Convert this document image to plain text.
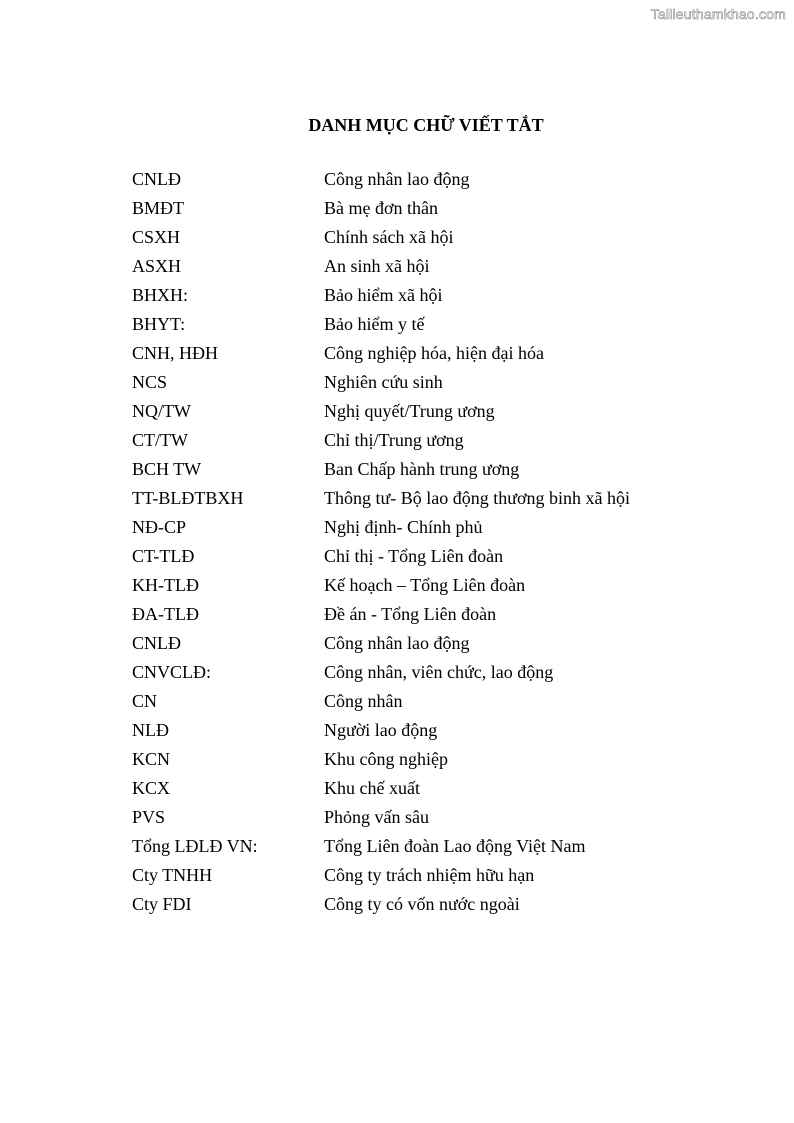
Tailieuthamkhao.com
DANH MỤC CHỮ VIẾT TẮT
CNLĐ	Công nhân lao động
BMĐT	Bà mẹ đơn thân
CSXH	Chính sách xã hội
ASXH	An sinh xã hội
BHXH:	Bảo hiểm xã hội
BHYT:	Bảo hiểm y tế
CNH, HĐH	Công nghiệp hóa, hiện đại hóa
NCS	Nghiên cứu sinh
NQ/TW	Nghị quyết/Trung ương
CT/TW	Chỉ thị/Trung ương
BCH TW	Ban Chấp hành trung ương
TT-BLĐTBXH	Thông tư- Bộ lao động thương binh xã hội
NĐ-CP	Nghị định- Chính phủ
CT-TLĐ	Chỉ thị - Tổng Liên đoàn
KH-TLĐ	Kế hoạch – Tổng Liên đoàn
ĐA-TLĐ	Đề án - Tổng Liên đoàn
CNLĐ	Công nhân lao động
CNVCLĐ:	Công nhân, viên chức, lao động
CN	Công nhân
NLĐ	Người lao động
KCN	Khu công nghiệp
KCX	Khu chế xuất
PVS	Phỏng vấn sâu
Tổng LĐLĐ VN:	Tổng Liên đoàn Lao động Việt Nam
Cty TNHH	Công ty trách nhiệm hữu hạn
Cty FDI	Công ty có vốn nước ngoài
